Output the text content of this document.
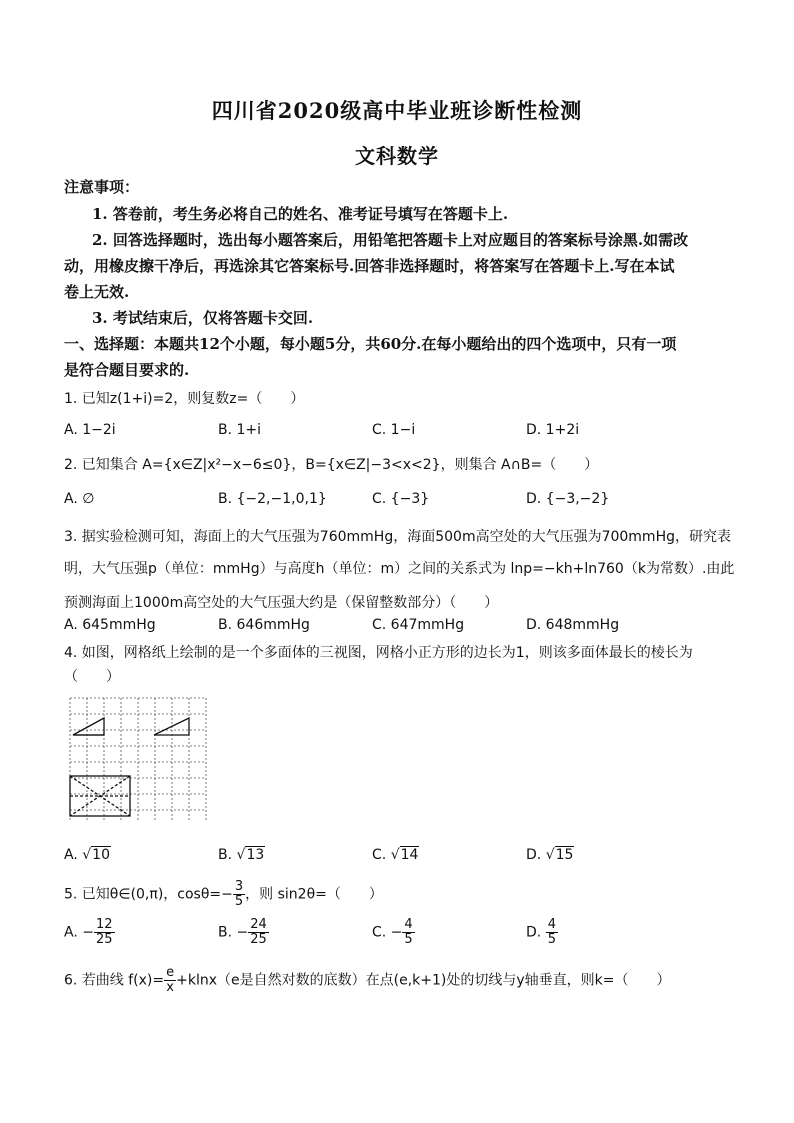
四川省2020级高中毕业班诊断性检测
文科数学
注意事项：
1. 答卷前，考生务必将自己的姓名、准考证号填写在答题卡上.
2. 回答选择题时，选出每小题答案后，用铅笔把答题卡上对应题目的答案标号涂黑.如需改
动，用橡皮擦干净后，再选涂其它答案标号.回答非选择题时，将答案写在答题卡上.写在本试
卷上无效.
3. 考试结束后，仅将答题卡交回.
一、选择题：本题共12个小题，每小题5分，共60分.在每小题给出的四个选项中，只有一项
是符合题目要求的.
1. 已知z(1+i)=2，则复数z=（　　）
A. 1−2i	B. 1+i	C. 1−i	D. 1+2i
2. 已知集合 A={x∈Z|x²−x−6≤0}，B={x∈Z|−3<x<2}，则集合 A∩B=（　　）
A. ∅	B. {−2,−1,0,1}	C. {−3}	D. {−3,−2}
3. 据实验检测可知，海面上的大气压强为760mmHg，海面500m高空处的大气压强为700mmHg，研究表
明，大气压强p（单位：mmHg）与高度h（单位：m）之间的关系式为 lnp=−kh+ln760（k为常数）.由此
预测海面上1000m高空处的大气压强大约是（保留整数部分）（　　）
A. 645mmHg	B. 646mmHg	C. 647mmHg	D. 648mmHg
4. 如图，网格纸上绘制的是一个多面体的三视图，网格小正方形的边长为1，则该多面体最长的棱长为
（　　）
A. √10	B. √13	C. √14	D. √15
5. 已知θ∈(0,π)，$\cos\theta=- \frac{3}{5}$ ，则 sin2θ=（　　）
A. − $\frac{12}{25}$	B. − $\frac{24}{25}$	C. − $\frac{4}{5}$	D. $\frac{4}{5}$
6. 若曲线 $f(x)= \frac{e}{x} +klnx(e$是自然对数的底数）在点(e,k+1)处的切线与y轴垂直，则k=（　　）
